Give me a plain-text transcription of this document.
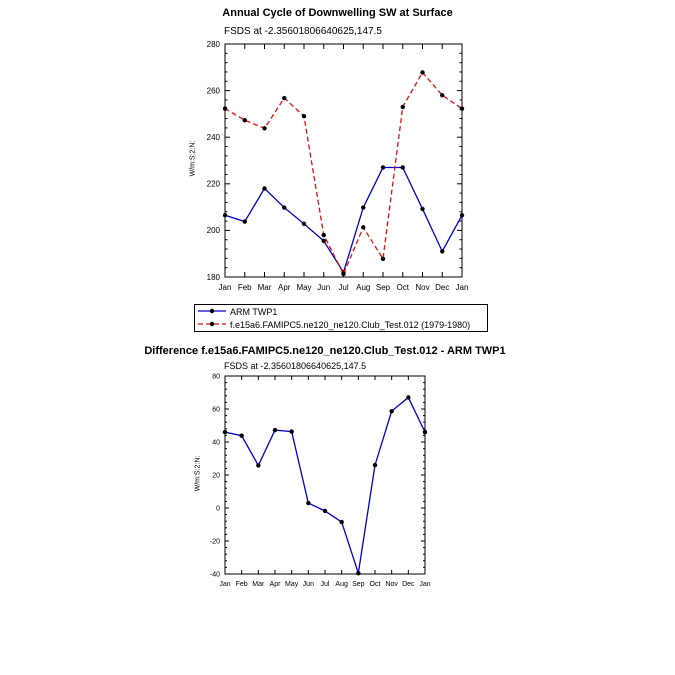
Annual Cycle of Downwelling SW at Surface
FSDS at -2.35601806640625,147.5
W/m:S:2:N:
ARM TWP1
f.e15a6.FAMIPC5.ne120_ne120.Club_Test.012 (1979-1980)
Difference f.e15a6.FAMIPC5.ne120_ne120.Club_Test.012 - ARM TWP1
FSDS at -2.35601806640625,147.5
W/m:S:2:N:
Jan Feb Mar Apr May Jun Jul Aug Sep Oct Nov Dec Jan
180
200
220
240
260
280
Jan Feb Mar Apr May Jun Jul Aug Sep Oct Nov Dec Jan
-40
-20
0
20
40
60
80
